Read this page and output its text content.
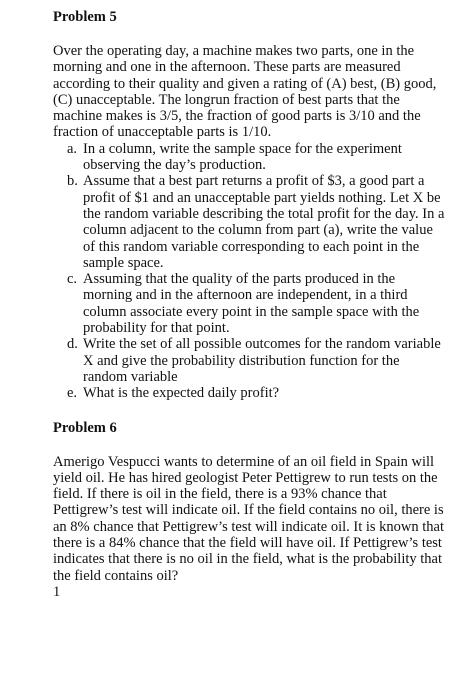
Problem 5

Over the operating day, a machine makes two parts, one in the morning and one in the afternoon. These parts are measured according to their quality and given a rating of (A) best, (B) good, (C) unacceptable. The longrun fraction of best parts that the machine makes is 3/5, the fraction of good parts is 3/10 and the fraction of unacceptable parts is 1/10.

a. In a column, write the sample space for the experiment observing the day’s production.
b. Assume that a best part returns a profit of $3, a good part a profit of $1 and an unacceptable part yields nothing. Let X be the random variable describing the total profit for the day. In a column adjacent to the column from part (a), write the value of this random variable corresponding to each point in the sample space.
c. Assuming that the quality of the parts produced in the morning and in the afternoon are independent, in a third column associate every point in the sample space with the probability for that point.
d. Write the set of all possible outcomes for the random variable X and give the probability distribution function for the random variable
e. What is the expected daily profit?
Problem 6

Amerigo Vespucci wants to determine of an oil field in Spain will yield oil. He has hired geologist Peter Pettigrew to run tests on the field. If there is oil in the field, there is a 93% chance that Pettigrew’s test will indicate oil. If the field contains no oil, there is an 8% chance that Pettigrew’s test will indicate oil. It is known that there is a 84% chance that the field will have oil. If Pettigrew’s test indicates that there is no oil in the field, what is the probability that the field contains oil?

1
